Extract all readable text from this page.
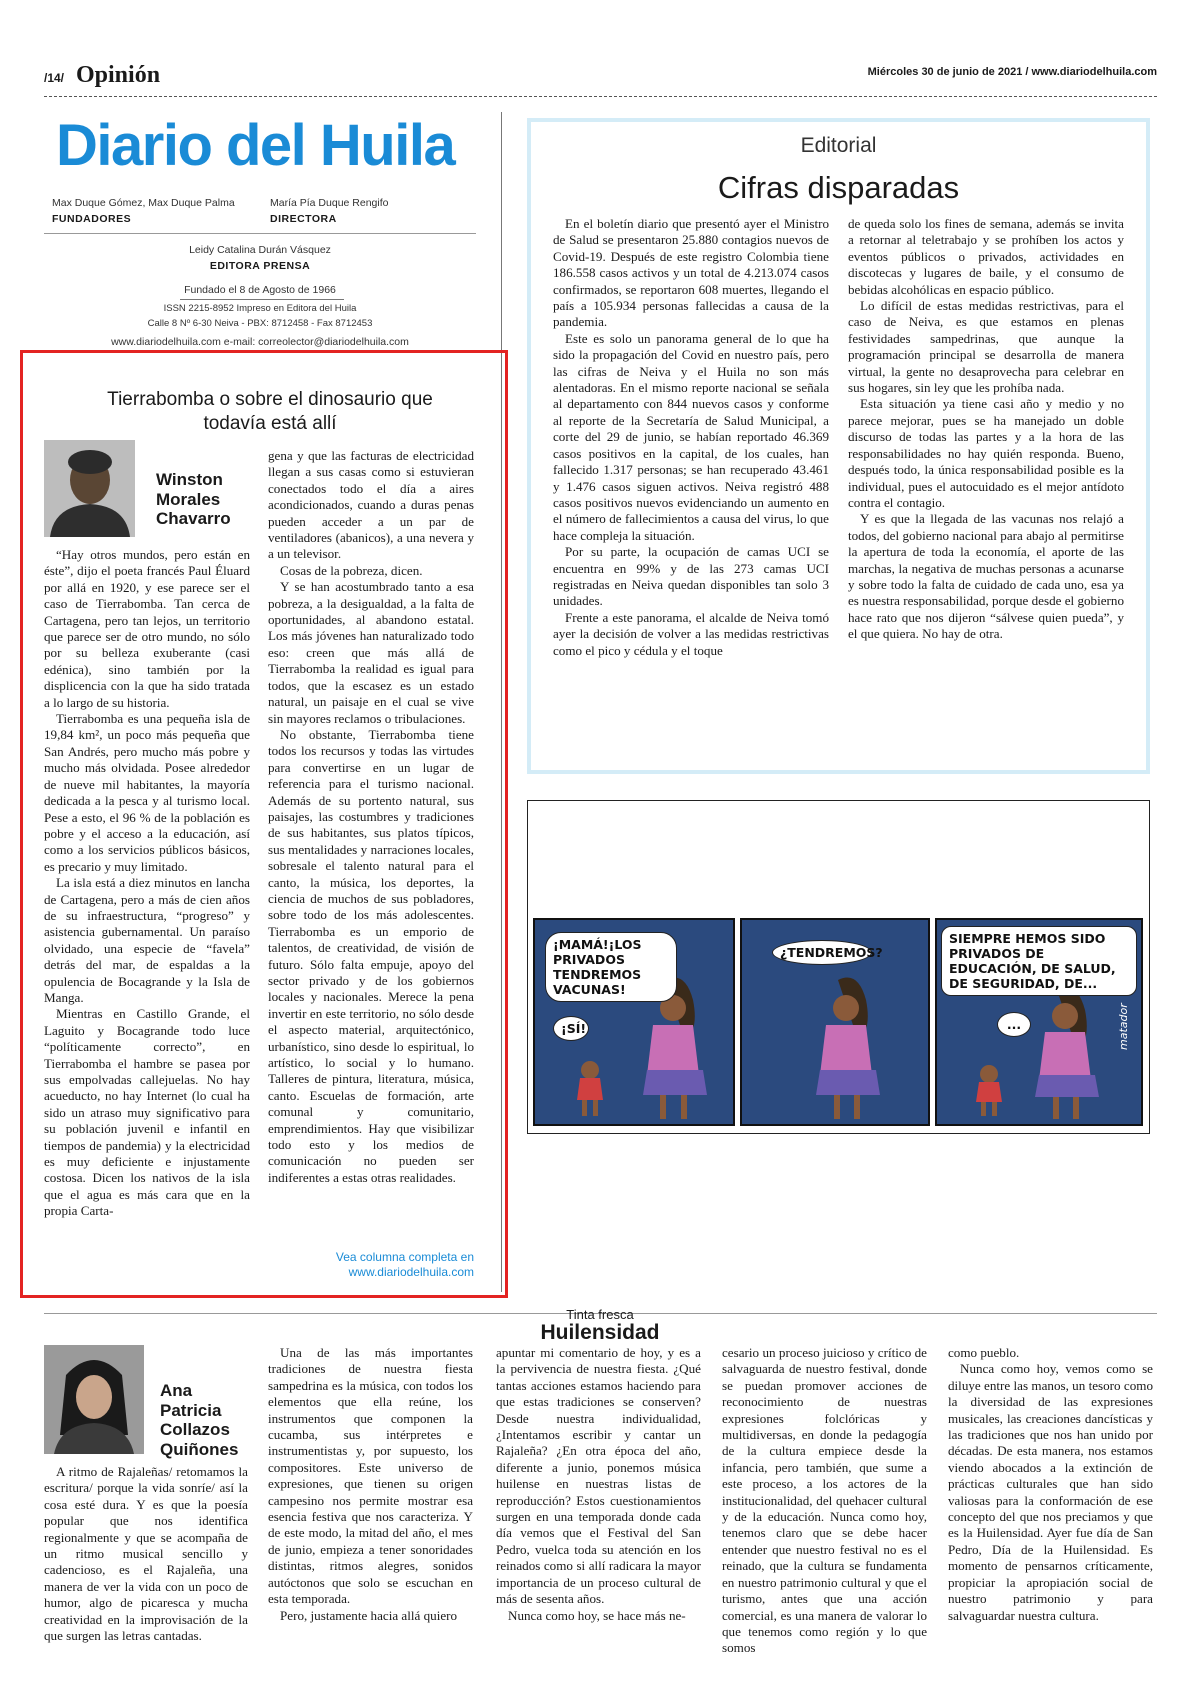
/14/ Opinión	Miércoles 30 de junio de 2021 / www.diariodelhuila.com
Diario del Huila
Max Duque Gómez, Max Duque Palma
FUNDADORES
María Pía Duque Rengifo
DIRECTORA
Leidy Catalina Durán Vásquez
EDITORA PRENSA
Fundado el 8 de Agosto de 1966
ISSN 2215-8952 Impreso en Editora del Huila
Calle 8 Nº 6-30 Neiva - PBX: 8712458 - Fax 8712453
www.diariodelhuila.com e-mail: correolector@diariodelhuila.com
Editorial
Cifras disparadas

En el boletín diario que presentó ayer el Ministro de Salud se presentaron 25.880 contagios nuevos de Covid-19. Después de este registro Colombia tiene 186.558 casos activos y un total de 4.213.074 casos confirmados, se reportaron 608 muertes, llegando el país a 105.934 personas fallecidas a causa de la pandemia.

Este es solo un panorama general de lo que ha sido la propagación del Covid en nuestro país, pero las cifras de Neiva y el Huila no son más alentadoras. En el mismo reporte nacional se señala al departamento con 844 nuevos casos y conforme al reporte de la Secretaría de Salud Municipal, a corte del 29 de junio, se habían reportado 46.369 casos positivos en la capital, de los cuales, han fallecido 1.317 personas; se han recuperado 43.461 y 1.476 casos siguen activos. Neiva registró 488 casos positivos nuevos evidenciando un aumento en el número de fallecimientos a causa del virus, lo que hace compleja la situación.

Por su parte, la ocupación de camas UCI se encuentra en 99% y de las 273 camas UCI registradas en Neiva quedan disponibles tan solo 3 unidades.

Frente a este panorama, el alcalde de Neiva tomó ayer la decisión de volver a las medidas restrictivas como el pico y cédula y el toque

de queda solo los fines de semana, además se invita a retornar al teletrabajo y se prohíben los actos y eventos públicos o privados, actividades en discotecas y lugares de baile, y el consumo de bebidas alcohólicas en espacio público.

Lo difícil de estas medidas restrictivas, para el caso de Neiva, es que estamos en plenas festividades sampedrinas, que aunque la programación principal se desarrolla de manera virtual, la gente no desaprovecha para celebrar en sus hogares, sin ley que les prohíba nada.

Esta situación ya tiene casi año y medio y no parece mejorar, pues se ha manejado un doble discurso de todas las partes y a la hora de las responsabilidades no hay quién responda. Bueno, después todo, la única responsabilidad posible es la individual, pues el autocuidado es el mejor antídoto contra el contagio.

Y es que la llegada de las vacunas nos relajó a todos, del gobierno nacional para abajo al permitirse la apertura de toda la economía, el aporte de las marchas, la negativa de muchas personas a acunarse y sobre todo la falta de cuidado de cada uno, esa ya es nuestra responsabilidad, porque desde el gobierno hace rato que nos dijeron “sálvese quien pueda”, y el que quiera. No hay de otra.

Tierrabomba o sobre el dinosaurio que
todavía está allí
Winston
Morales
Chavarro

“Hay otros mundos, pero están en éste”, dijo el poeta francés Paul Éluard por allá en 1920, y ese parece ser el caso de Tierrabomba. Tan cerca de Cartagena, pero tan lejos, un territorio que parece ser de otro mundo, no sólo por su belleza exuberante (casi edénica), sino también por la displicencia con la que ha sido tratada a lo largo de su historia.

Tierrabomba es una pequeña isla de 19,84 km², un poco más pequeña que San Andrés, pero mucho más pobre y mucho más olvidada. Posee alrededor de nueve mil habitantes, la mayoría dedicada a la pesca y al turismo local. Pese a esto, el 96 % de la población es pobre y el acceso a la educación, así como a los servicios públicos básicos, es precario y muy limitado.

La isla está a diez minutos en lancha de Cartagena, pero a más de cien años de su infraestructura, “progreso” y asistencia gubernamental. Un paraíso olvidado, una especie de “favela” detrás del mar, de espaldas a la opulencia de Bocagrande y la Isla de Manga.

Mientras en Castillo Grande, el Laguito y Bocagrande todo luce “políticamente correcto”, en Tierrabomba el hambre se pasea por sus empolvadas callejuelas. No hay acueducto, no hay Internet (lo cual ha sido un atraso muy significativo para su población juvenil e infantil en tiempos de pandemia) y la electricidad es muy deficiente e injustamente costosa. Dicen los nativos de la isla que el agua es más cara que en la propia Carta-

gena y que las facturas de electricidad llegan a sus casas como si estuvieran conectados todo el día a aires acondicionados, cuando a duras penas pueden acceder a un par de ventiladores (abanicos), a una nevera y a un televisor.

Cosas de la pobreza, dicen.

Y se han acostumbrado tanto a esa pobreza, a la desigualdad, a la falta de oportunidades, al abandono estatal. Los más jóvenes han naturalizado todo eso: creen que más allá de Tierrabomba la realidad es igual para todos, que la escasez es un estado natural, un paisaje en el cual se vive sin mayores reclamos o tribulaciones.

No obstante, Tierrabomba tiene todos los recursos y todas las virtudes para convertirse en un lugar de referencia para el turismo nacional. Además de su portento natural, sus paisajes, las costumbres y tradiciones de sus habitantes, sus platos típicos, sus mentalidades y narraciones locales, sobresale el talento natural para el canto, la música, los deportes, la ciencia de muchos de sus pobladores, sobre todo de los más adolescentes. Tierrabomba es un emporio de talentos, de creatividad, de visión de futuro. Sólo falta empuje, apoyo del sector privado y de los gobiernos locales y nacionales. Merece la pena invertir en este territorio, no sólo desde el aspecto material, arquitectónico, urbanístico, sino desde lo espiritual, lo artístico, lo social y lo humano. Talleres de pintura, literatura, música, canto. Escuelas de formación, arte comunal y comunitario, emprendimientos. Hay que visibilizar todo esto y los medios de comunicación no pueden ser indiferentes a estas otras realidades.

Vea columna completa en
www.diariodelhuila.com
¡MAMÁ!¡LOS PRIVADOS TENDREMOS VACUNAS!
¡SÍ!
¿TENDREMOS?
SIEMPRE HEMOS SIDO PRIVADOS DE EDUCACIÓN, DE SALUD, DE SEGURIDAD, DE...
...	matador
Tinta fresca
Huilensidad
Ana
Patricia
Collazos
Quiñones

A ritmo de Rajaleñas/ retomamos la escritura/ porque la vida sonríe/ así la cosa esté dura. Y es que la poesía popular que nos identifica regionalmente y que se acompaña de un ritmo musical sencillo y cadencioso, es el Rajaleña, una manera de ver la vida con un poco de humor, algo de picaresca y mucha creatividad en la improvisación de la que surgen las letras cantadas.

Una de las más importantes tradiciones de nuestra fiesta sampedrina es la música, con todos los elementos que ella reúne, los instrumentos que componen la cucamba, sus intérpretes e instrumentistas y, por supuesto, los compositores. Este universo de expresiones, que tienen su origen campesino nos permite mostrar esa esencia festiva que nos caracteriza. Y de este modo, la mitad del año, el mes de junio, empieza a tener sonoridades distintas, ritmos alegres, sonidos autóctonos que solo se escuchan en esta temporada.

Pero, justamente hacia allá quiero

apuntar mi comentario de hoy, y es a la pervivencia de nuestra fiesta. ¿Qué tantas acciones estamos haciendo para que estas tradiciones se conserven? Desde nuestra individualidad, ¿Intentamos escribir y cantar un Rajaleña? ¿En otra época del año, diferente a junio, ponemos música huilense en nuestras listas de reproducción? Estos cuestionamientos surgen en una temporada donde cada día vemos que el Festival del San Pedro, vuelca toda su atención en los reinados como si allí radicara la mayor importancia de un proceso cultural de más de sesenta años.

Nunca como hoy, se hace más ne-

cesario un proceso juicioso y crítico de salvaguarda de nuestro festival, donde se puedan promover acciones de reconocimiento de nuestras expresiones folclóricas y multidiversas, en donde la pedagogía de la cultura empiece desde la infancia, pero también, que sume a este proceso, a los actores de la institucionalidad, del quehacer cultural y de la educación. Nunca como hoy, tenemos claro que se debe hacer entender que nuestro festival no es el reinado, que la cultura se fundamenta en nuestro patrimonio cultural y que el turismo, antes que una acción comercial, es una manera de valorar lo que tenemos como región y lo que somos

como pueblo.

Nunca como hoy, vemos como se diluye entre las manos, un tesoro como la diversidad de las expresiones musicales, las creaciones dancísticas y las tradiciones que nos han unido por décadas. De esta manera, nos estamos viendo abocados a la extinción de prácticas culturales que han sido valiosas para la conformación de ese concepto del que nos preciamos y que es la Huilensidad. Ayer fue día de San Pedro, Día de la Huilensidad. Es momento de pensarnos críticamente, propiciar la apropiación social de nuestro patrimonio y para salvaguardar nuestra cultura.
